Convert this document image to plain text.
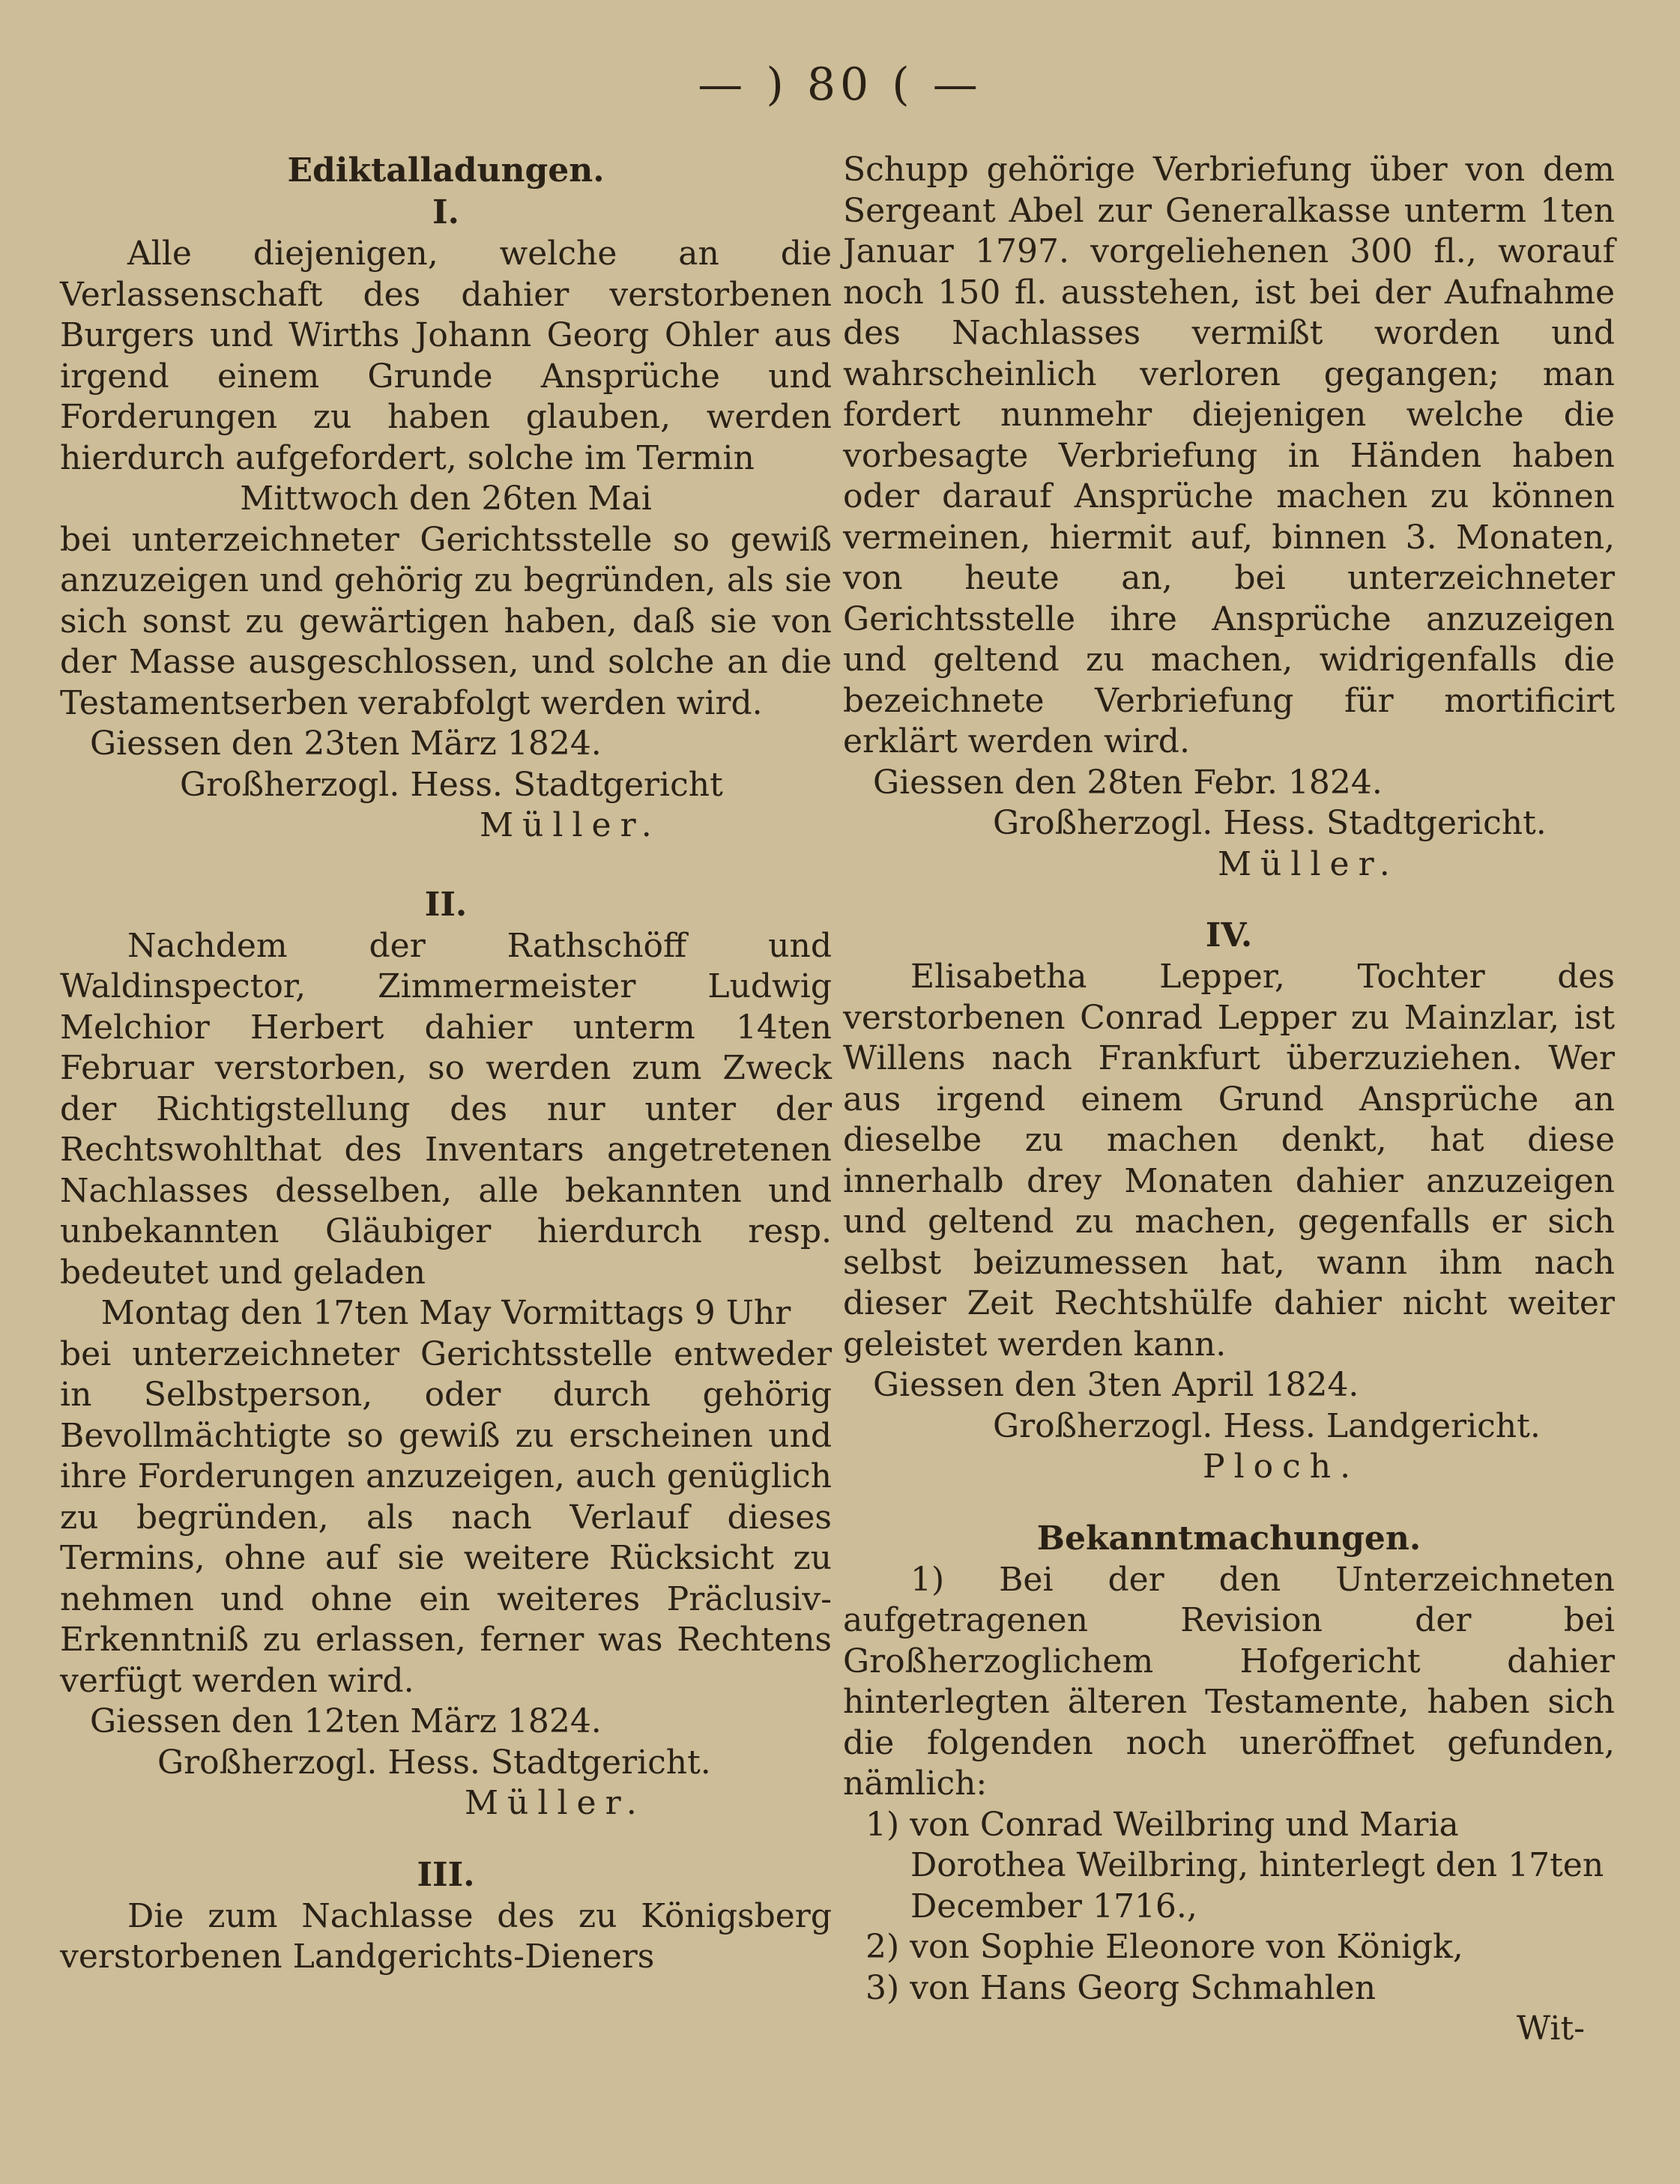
— ) 80 ( —
Ediktalladungen.
I.

Alle diejenigen, welche an die Verlassenschaft des dahier verstorbenen Burgers und Wirths Johann Georg Ohler aus irgend einem Grunde Ansprüche und Forderungen zu haben glauben, werden hierdurch aufgefordert, solche im Termin

Mittwoch den 26ten Mai

bei unterzeichneter Gerichtsstelle so gewiß anzuzeigen und gehörig zu begründen, als sie sich sonst zu gewärtigen haben, daß sie von der Masse ausgeschlossen, und solche an die Testamentserben verabfolgt werden wird.

Giessen den 23ten März 1824.
Großherzogl. Hess. Stadtgericht
Müller.
II.

Nachdem der Rathschöff und Waldinspector, Zimmermeister Ludwig Melchior Herbert dahier unterm 14ten Februar verstorben, so werden zum Zweck der Richtigstellung des nur unter der Rechtswohlthat des Inventars angetretenen Nachlasses desselben, alle bekannten und unbekannten Gläubiger hierdurch resp. bedeutet und geladen

Montag den 17ten May Vormittags 9 Uhr

bei unterzeichneter Gerichtsstelle entweder in Selbstperson, oder durch gehörig Bevollmächtigte so gewiß zu erscheinen und ihre Forderungen anzuzeigen, auch genüglich zu begründen, als nach Verlauf dieses Termins, ohne auf sie weitere Rücksicht zu nehmen und ohne ein weiteres Präclusiv-Erkenntniß zu erlassen, ferner was Rechtens verfügt werden wird.

Giessen den 12ten März 1824.
Großherzogl. Hess. Stadtgericht.
Müller.
III.

Die zum Nachlasse des zu Königsberg verstorbenen Landgerichts-Dieners

Schupp gehörige Verbriefung über von dem Sergeant Abel zur Generalkasse unterm 1ten Januar 1797. vorgeliehenen 300 fl., worauf noch 150 fl. ausstehen, ist bei der Aufnahme des Nachlasses vermißt worden und wahrscheinlich verloren gegangen; man fordert nunmehr diejenigen welche die vorbesagte Verbriefung in Händen haben oder darauf Ansprüche machen zu können vermeinen, hiermit auf, binnen 3. Monaten, von heute an, bei unterzeichneter Gerichtsstelle ihre Ansprüche anzuzeigen und geltend zu machen, widrigenfalls die bezeichnete Verbriefung für mortificirt erklärt werden wird.

Giessen den 28ten Febr. 1824.
Großherzogl. Hess. Stadtgericht.
Müller.
IV.

Elisabetha Lepper, Tochter des verstorbenen Conrad Lepper zu Mainzlar, ist Willens nach Frankfurt überzuziehen. Wer aus irgend einem Grund Ansprüche an dieselbe zu machen denkt, hat diese innerhalb drey Monaten dahier anzuzeigen und geltend zu machen, gegenfalls er sich selbst beizumessen hat, wann ihm nach dieser Zeit Rechtshülfe dahier nicht weiter geleistet werden kann.

Giessen den 3ten April 1824.
Großherzogl. Hess. Landgericht.
Ploch.
Bekanntmachungen.

1) Bei der den Unterzeichneten aufgetragenen Revision der bei Großherzoglichem Hofgericht dahier hinterlegten älteren Testamente, haben sich die folgenden noch uneröffnet gefunden, nämlich:

1) von Conrad Weilbring und Maria Dorothea Weilbring, hinterlegt den 17ten December 1716.,
2) von Sophie Eleonore von Königk,
3) von Hans Georg Schmahlen
Wit-
